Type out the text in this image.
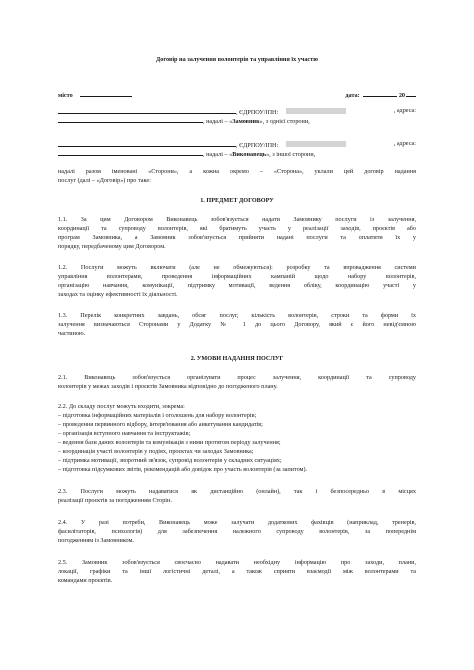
Договір на залучення волонтерів та управління їх участю
місто	дата:	20
, ЄДРПОУ/ІПН:	, адреса:
, надалі – «Замовник», з однієї сторони,
, ЄДРПОУ/ІПН:	, адреса:
, надалі – «Виконавець», з іншої сторони,
надалі разом іменовані «Сторони», а кожна окремо – «Сторона», уклали цей договір надання
послуг (далі – «Договір») про таке:
1. ПРЕДМЕТ ДОГОВОРУ
1.1. За цим Договором Виконавець зобов'язується надати Замовнику послуги із залучення,
координації та супроводу волонтерів, які братимуть участь у реалізації заходів, проєктів або
програм Замовника, а Замовник зобов'язується прийняти надані послуги та оплатити їх у
порядку, передбаченому цим Договором.
1.2. Послуги можуть включати (але не обмежуються): розробку та впровадження системи
управління волонтерами, проведення інформаційних кампаній щодо набору волонтерів,
організацію навчання, комунікації, підтримку мотивації, ведення обліку, координацію участі у
заходах та оцінку ефективності їх діяльності.
1.3. Перелік конкретних завдань, обсяг послуг, кількість волонтерів, строки та форми їх
залучення визначаються Сторонами у Додатку № 1 до цього Договору, який є його невід'ємною
частиною.
2. УМОВИ НАДАННЯ ПОСЛУГ
2.1. Виконавець зобов'язується організувати процес залучення, координації та супроводу
волонтерів у межах заходів і проєктів Замовника відповідно до погодженого плану.
2.2. До складу послуг можуть входити, зокрема:
– підготовка інформаційних матеріалів і оголошень для набору волонтерів;
– проведення первинного відбору, інтерв'ювання або анкетування кандидатів;
– організація вступного навчання та інструктажів;
– ведення бази даних волонтерів та комунікація з ними протягом періоду залучення;
– координація участі волонтерів у подіях, проєктах чи заходах Замовника;
– підтримка мотивації, зворотний зв'язок, супровід волонтерів у складних ситуаціях;
– підготовка підсумкових звітів, рекомендацій або довідок про участь волонтерів (за запитом).
2.3. Послуги можуть надаватися як дистанційно (онлайн), так і безпосередньо в місцях
реалізації проєктів за погодженням Сторін.
2.4. У разі потреби, Виконавець може залучати додаткових фахівців (наприклад, тренерів,
фасилітаторів, психологів) для забезпечення належного супроводу волонтерів, за попереднім
погодженням із Замовником.
2.5. Замовник зобов'язується своєчасно надавати необхідну інформацію про заходи, плани,
локації, графіки та інші логістичні деталі, а також сприяти взаємодії між волонтерами та
командами проєктів.
